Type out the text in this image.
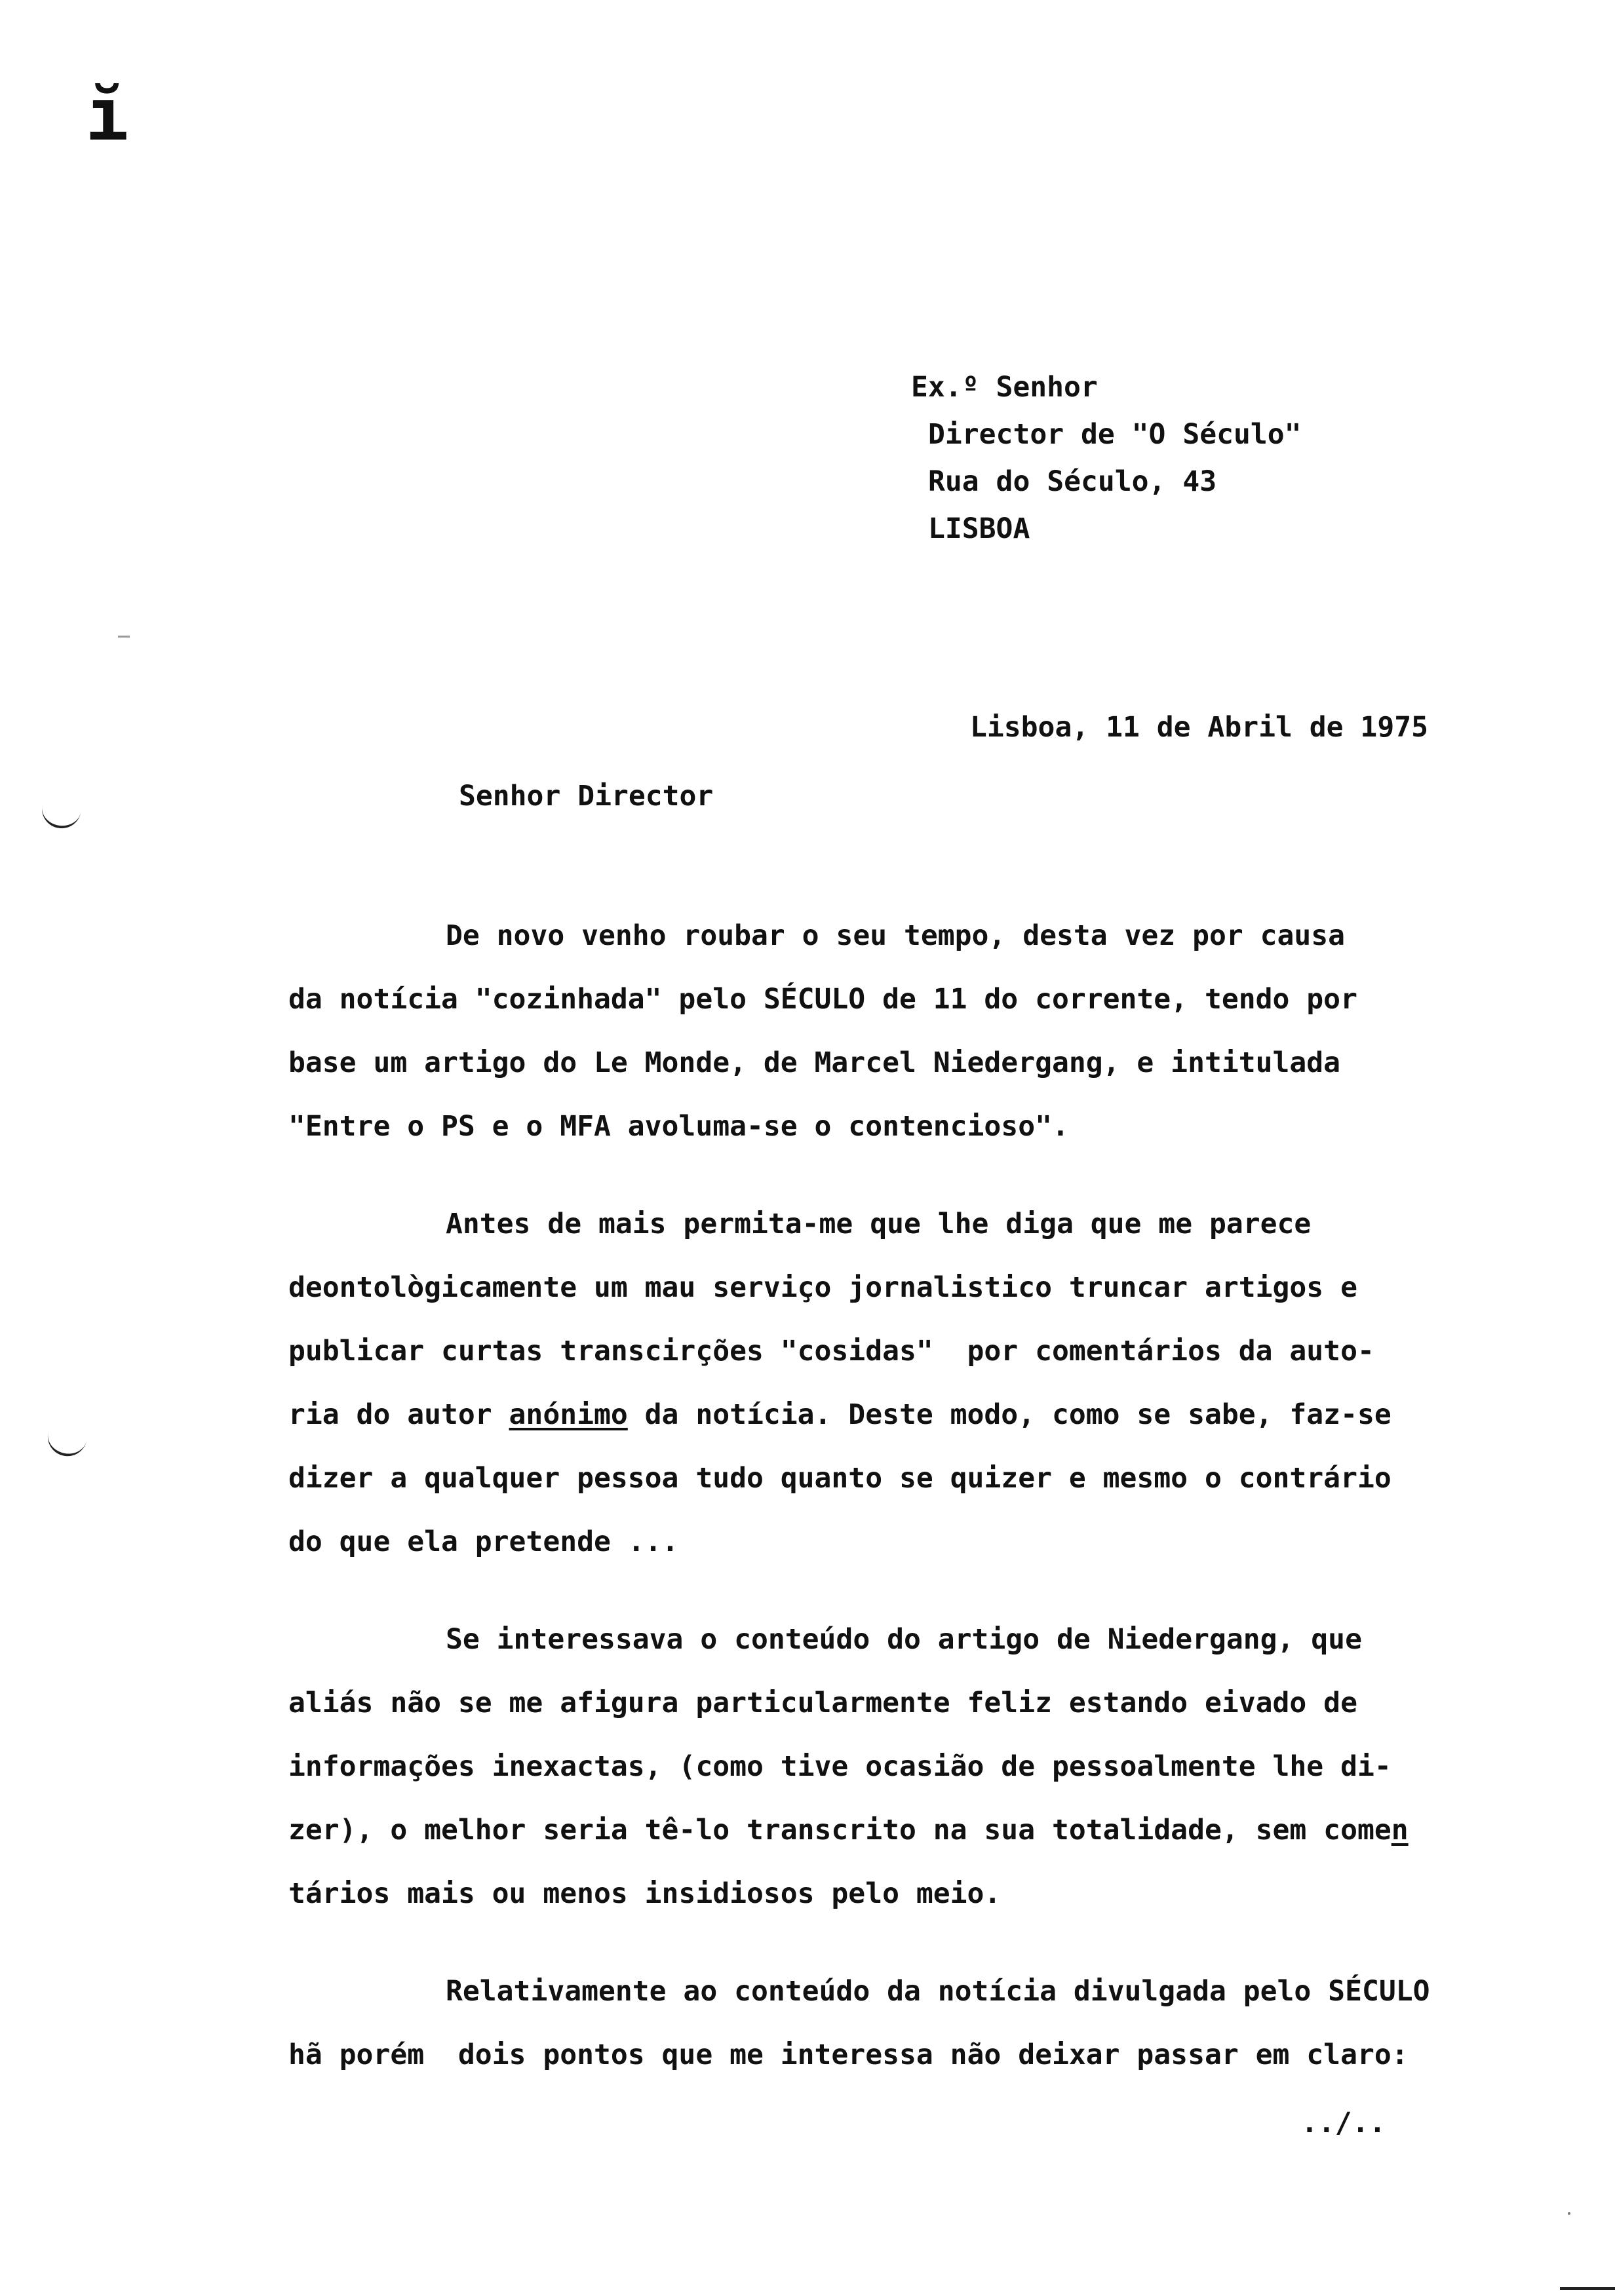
ĭ
Ex.º Senhor
Director de "O Século"
Rua do Século, 43
LISBOA
Lisboa, 11 de Abril de 1975
Senhor Director
De novo venho roubar o seu tempo, desta vez por causa
da notícia "cozinhada" pelo SÉCULO de 11 do corrente, tendo por
base um artigo do Le Monde, de Marcel Niedergang, e intitulada
"Entre o PS e o MFA avoluma-se o contencioso".
Antes de mais permita-me que lhe diga que me parece
deontològicamente um mau serviço jornalistico truncar artigos e
publicar curtas transcirções "cosidas"  por comentários da auto-
ria do autor anónimo da notícia. Deste modo, como se sabe, faz-se
dizer a qualquer pessoa tudo quanto se quizer e mesmo o contrário
do que ela pretende ...
Se interessava o conteúdo do artigo de Niedergang, que
aliás não se me afigura particularmente feliz estando eivado de
informações inexactas, (como tive ocasião de pessoalmente lhe di-
zer), o melhor seria tê-lo transcrito na sua totalidade, sem comen
tários mais ou menos insidiosos pelo meio.
Relativamente ao conteúdo da notícia divulgada pelo SÉCULO
hã porém  dois pontos que me interessa não deixar passar em claro:
../..
